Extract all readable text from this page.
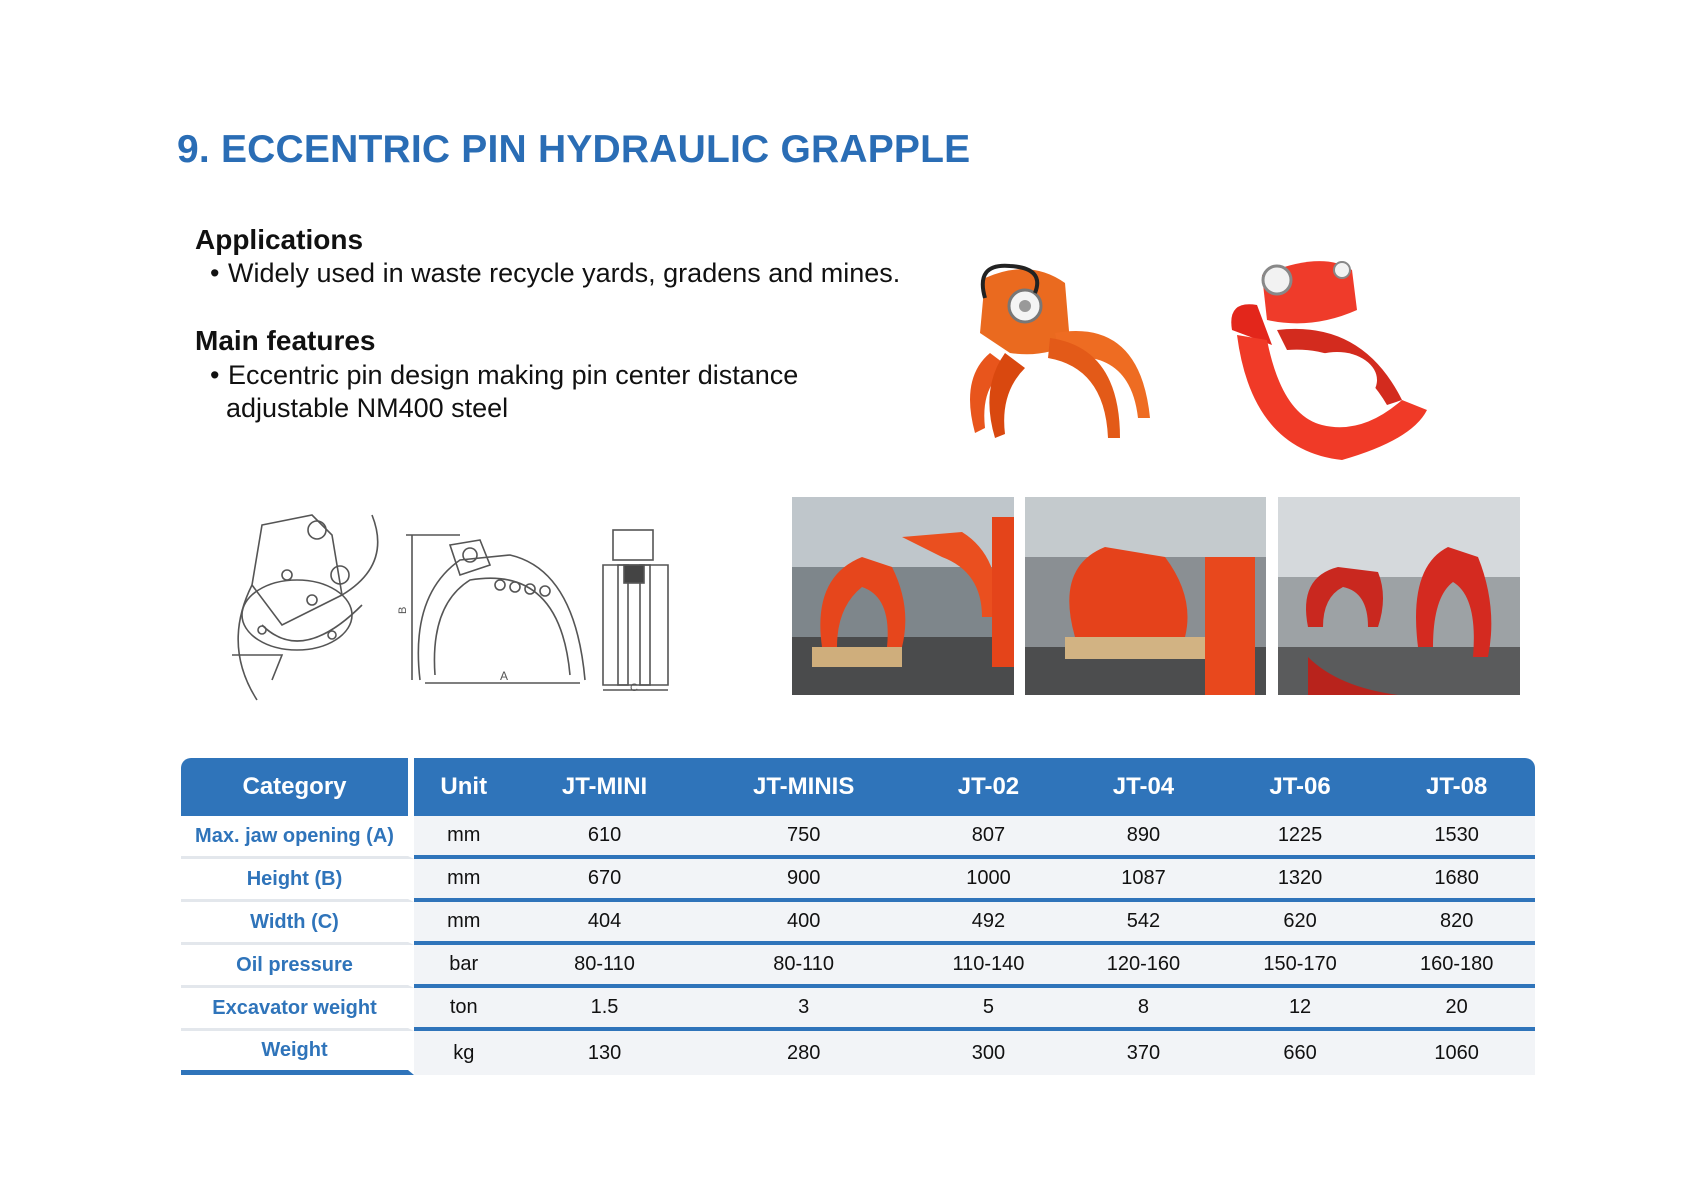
9. ECCENTRIC PIN HYDRAULIC GRAPPLE
Applications
• Widely used in waste recycle yards, gradens and mines.
Main features
• Eccentric pin design making pin center distance
adjustable NM400 steel
B
A
C
Category	Unit	JT-MINI	JT-MINIS	JT-02	JT-04	JT-06	JT-08
Max. jaw opening (A)	mm	610	750	807	890	1225	1530
Height (B)	mm	670	900	1000	1087	1320	1680
Width (C)	mm	404	400	492	542	620	820
Oil pressure	bar	80-110	80-110	110-140	120-160	150-170	160-180
Excavator weight	ton	1.5	3	5	8	12	20
Weight	kg	130	280	300	370	660	1060
